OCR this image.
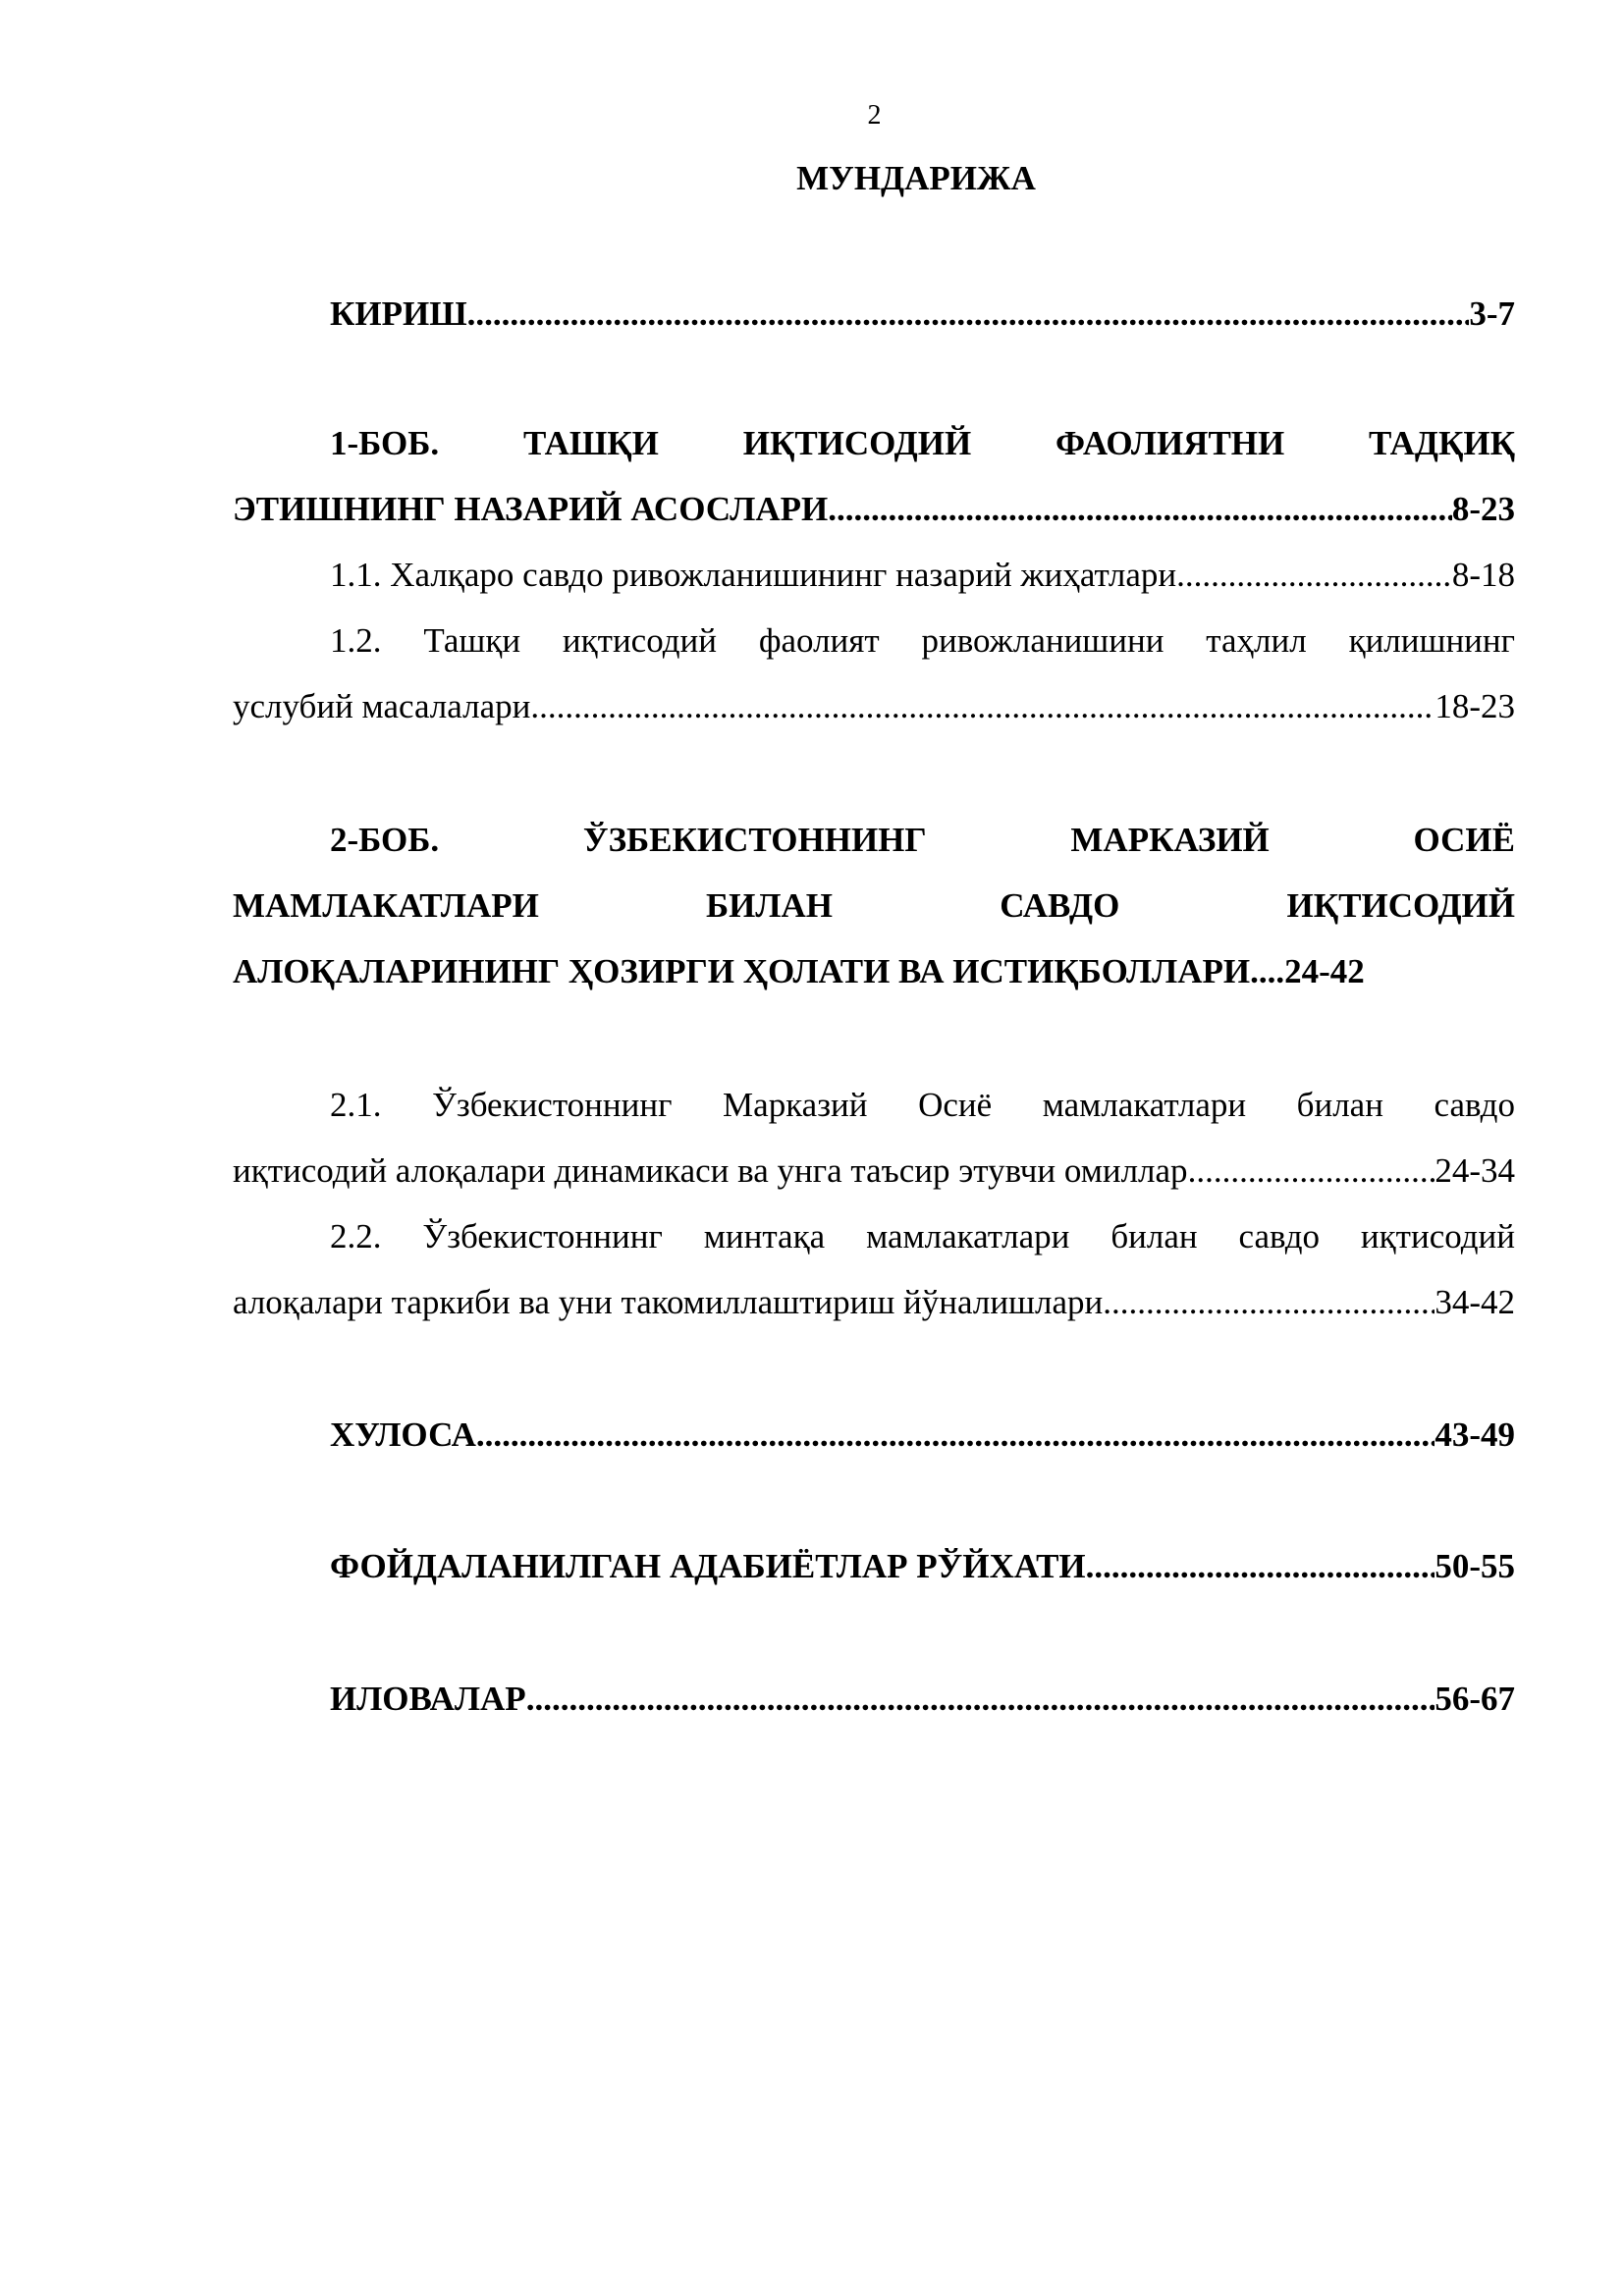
2
МУНДАРИЖА
КИРИШ .....	3-7
1-БОБ. ТАШҚИ ИҚТИСОДИЙ ФАОЛИЯТНИ ТАДҚИҚ
ЭТИШНИНГ НАЗАРИЙ АСОСЛАРИ .....	8-23
1.1. Халқаро савдо ривожланишининг назарий жиҳатлари .....	8-18
1.2. Ташқи иқтисодий фаолият ривожланишини таҳлил қилишнинг
услубий масалалари .....	18-23
2-БОБ. ЎЗБЕКИСТОННИНГ МАРКАЗИЙ ОСИЁ
МАМЛАКАТЛАРИ БИЛАН САВДО ИҚТИСОДИЙ
АЛОҚАЛАРИНИНГ ҲОЗИРГИ ҲОЛАТИ ВА ИСТИҚБОЛЛАРИ.... 24-42
2.1. Ўзбекистоннинг Марказий Осиё мамлакатлари билан савдо
иқтисодий алоқалари динамикаси ва унга таъсир этувчи омиллар .....	24-34
2.2. Ўзбекистоннинг минтақа мамлакатлари билан савдо иқтисодий
алоқалари таркиби ва уни такомиллаштириш йўналишлари .....	34-42
ХУЛОСА .....	43-49
ФОЙДАЛАНИЛГАН АДАБИЁТЛАР РЎЙХАТИ .....	50-55
ИЛОВАЛАР .....	56-67
